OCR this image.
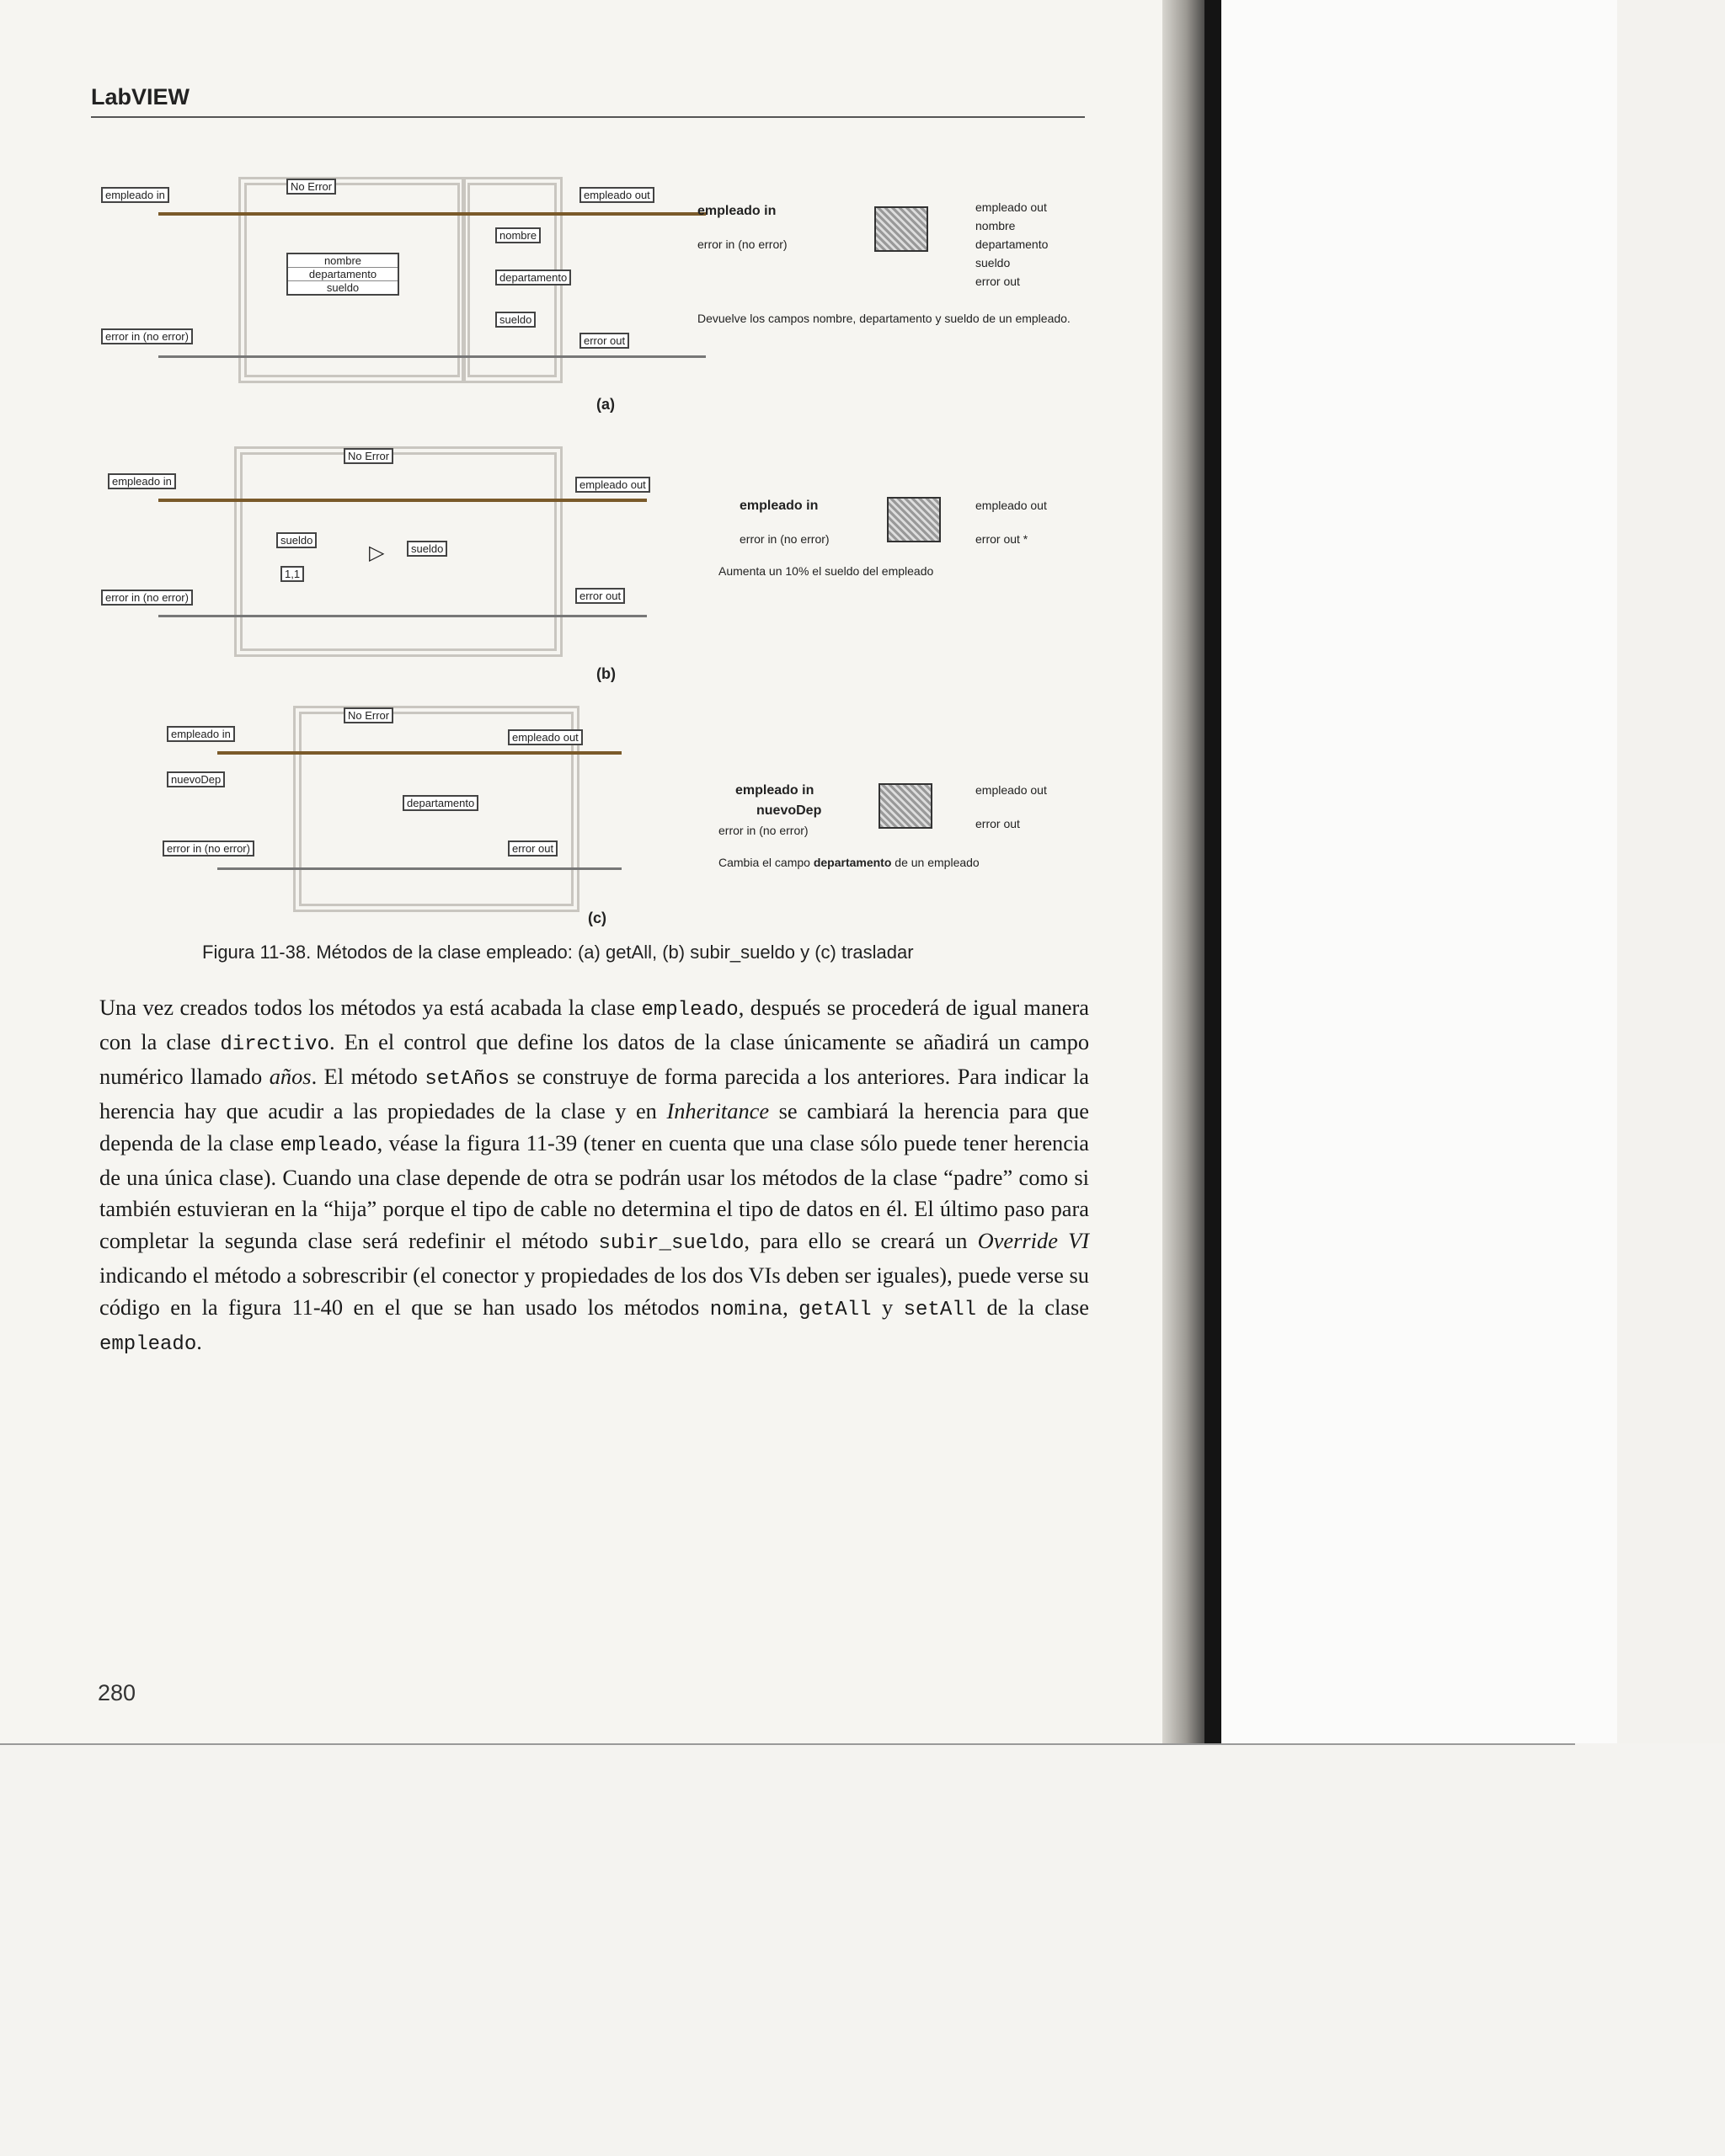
LabVIEW
No Error
empleado in
error in (no error)
empleado out
error out
nombre
departamento
sueldo
nombre
departamento
sueldo
empleado in
error in (no error)
empleado out
nombre
departamento
sueldo
error out
Devuelve los campos nombre, departamento y sueldo de un empleado.
(a)
No Error
empleado in
error in (no error)
empleado out
error out
sueldo
▷	sueldo
1,1
empleado in
error in (no error)
empleado out
error out *
Aumenta un 10% el sueldo del empleado
(b)
No Error
empleado in
nuevoDep
error in (no error)
empleado out
error out
departamento
empleado in
nuevoDep
error in (no error)
empleado out
error out
Cambia el campo departamento de un empleado
(c)
Figura 11-38. Métodos de la clase empleado: (a) getAll, (b) subir_sueldo y (c) trasladar
Una vez creados todos los métodos ya está acabada la clase empleado, después se procederá de igual manera con la clase directivo. En el control que define los datos de la clase únicamente se añadirá un campo numérico llamado años. El método setAños se construye de forma parecida a los anteriores. Para indicar la herencia hay que acudir a las propiedades de la clase y en Inheritance se cambiará la herencia para que dependa de la clase empleado, véase la figura 11-39 (tener en cuenta que una clase sólo puede tener herencia de una única clase). Cuando una clase depende de otra se podrán usar los métodos de la clase “padre” como si también estuvieran en la “hija” porque el tipo de cable no determina el tipo de datos en él. El último paso para completar la segunda clase será redefinir el método subir_sueldo, para ello se creará un Override VI indicando el método a sobrescribir (el conector y propiedades de los dos VIs deben ser iguales), puede verse su código en la figura 11-40 en el que se han usado los métodos nomina, getAll y setAll de la clase empleado.
280
